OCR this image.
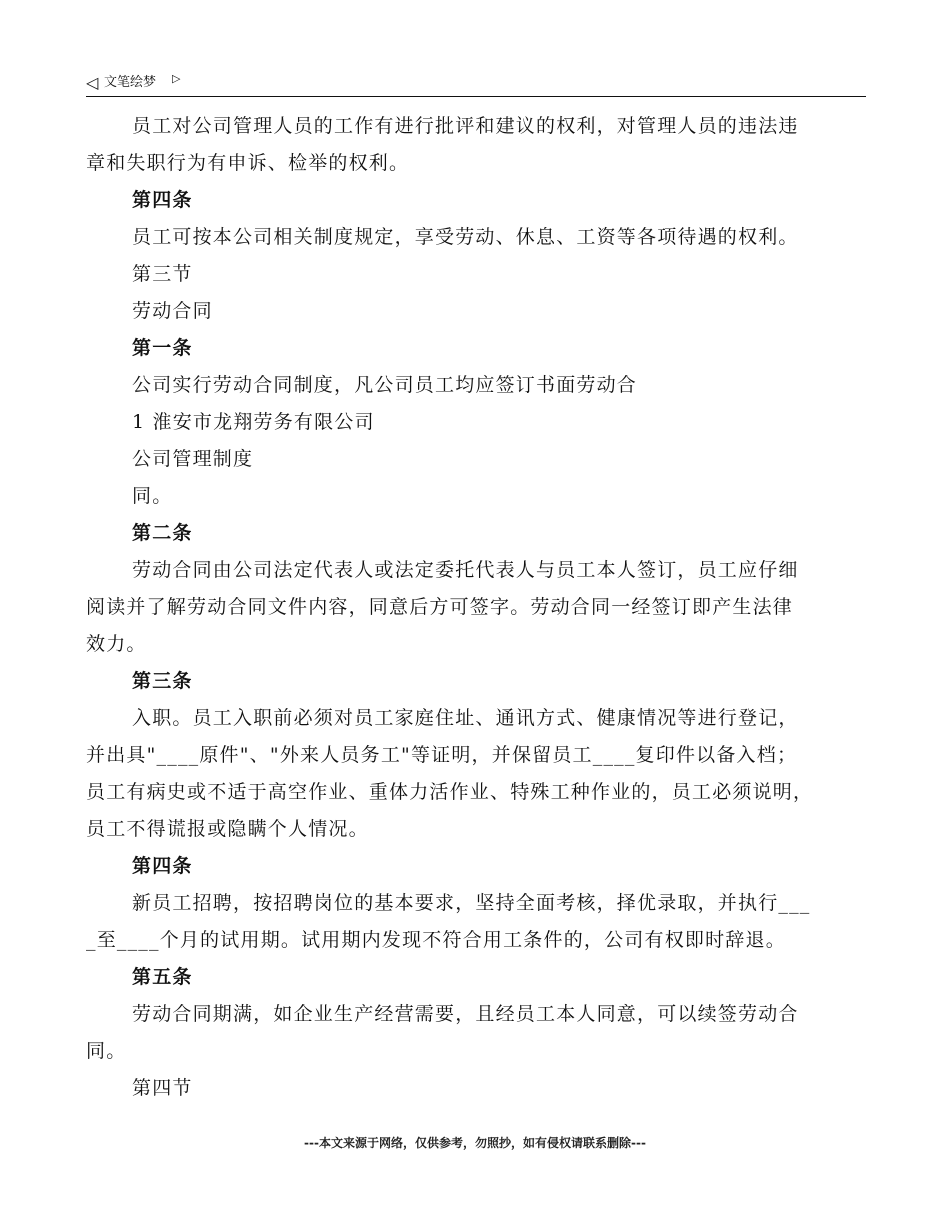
◁ 文笔绘梦 ▷
员工对公司管理人员的工作有进行批评和建议的权利，对管理人员的违法违
章和失职行为有申诉、检举的权利。
第四条
员工可按本公司相关制度规定，享受劳动、休息、工资等各项待遇的权利。
第三节
劳动合同
第一条
公司实行劳动合同制度，凡公司员工均应签订书面劳动合
1 淮安市龙翔劳务有限公司
公司管理制度
同。
第二条
劳动合同由公司法定代表人或法定委托代表人与员工本人签订，员工应仔细
阅读并了解劳动合同文件内容，同意后方可签字。劳动合同一经签订即产生法律
效力。
第三条
入职。员工入职前必须对员工家庭住址、通讯方式、健康情况等进行登记，
并出具"____原件"、"外来人员务工"等证明，并保留员工____复印件以备入档；
员工有病史或不适于高空作业、重体力活作业、特殊工种作业的，员工必须说明，
员工不得谎报或隐瞒个人情况。
第四条
新员工招聘，按招聘岗位的基本要求，坚持全面考核，择优录取，并执行___
_至____个月的试用期。试用期内发现不符合用工条件的，公司有权即时辞退。
第五条
劳动合同期满，如企业生产经营需要，且经员工本人同意，可以续签劳动合
同。
第四节
---本文来源于网络，仅供参考，勿照抄，如有侵权请联系删除---
